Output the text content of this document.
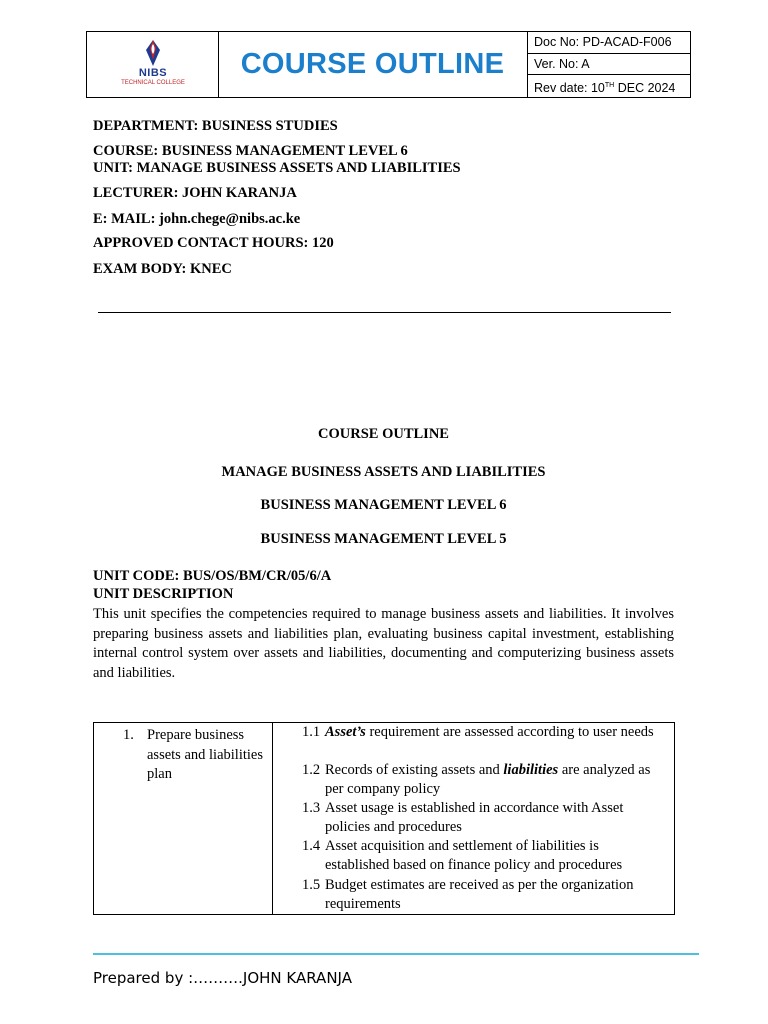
NIBS
TECHNICAL COLLEGE
COURSE OUTLINE
Doc No: PD-ACAD-F006
Ver. No: A
Rev date: 10TH DEC 2024
DEPARTMENT: BUSINESS STUDIES
COURSE: BUSINESS MANAGEMENT LEVEL 6
UNIT: MANAGE BUSINESS ASSETS AND LIABILITIES
LECTURER: JOHN KARANJA
E: MAIL: john.chege@nibs.ac.ke
APPROVED CONTACT HOURS: 120
EXAM BODY: KNEC
COURSE OUTLINE
MANAGE BUSINESS ASSETS AND LIABILITIES
BUSINESS MANAGEMENT LEVEL 6
BUSINESS MANAGEMENT LEVEL 5
UNIT CODE: BUS/OS/BM/CR/05/6/A
UNIT DESCRIPTION
This unit specifies the competencies required to manage business assets and liabilities. It involves preparing business assets and liabilities plan, evaluating business capital investment, establishing internal control system over assets and liabilities, documenting and computerizing business assets and liabilities.
1. Prepare business assets and liabilities plan
1.1 Asset’s requirement are assessed according to user needs
1.2 Records of existing assets and liabilities are analyzed as per company policy
1.3 Asset usage is established in accordance with Asset policies and procedures
1.4 Asset acquisition and settlement of liabilities is established based on finance policy and procedures
1.5 Budget estimates are received as per the organization requirements
Prepared by :……….JOHN KARANJA
